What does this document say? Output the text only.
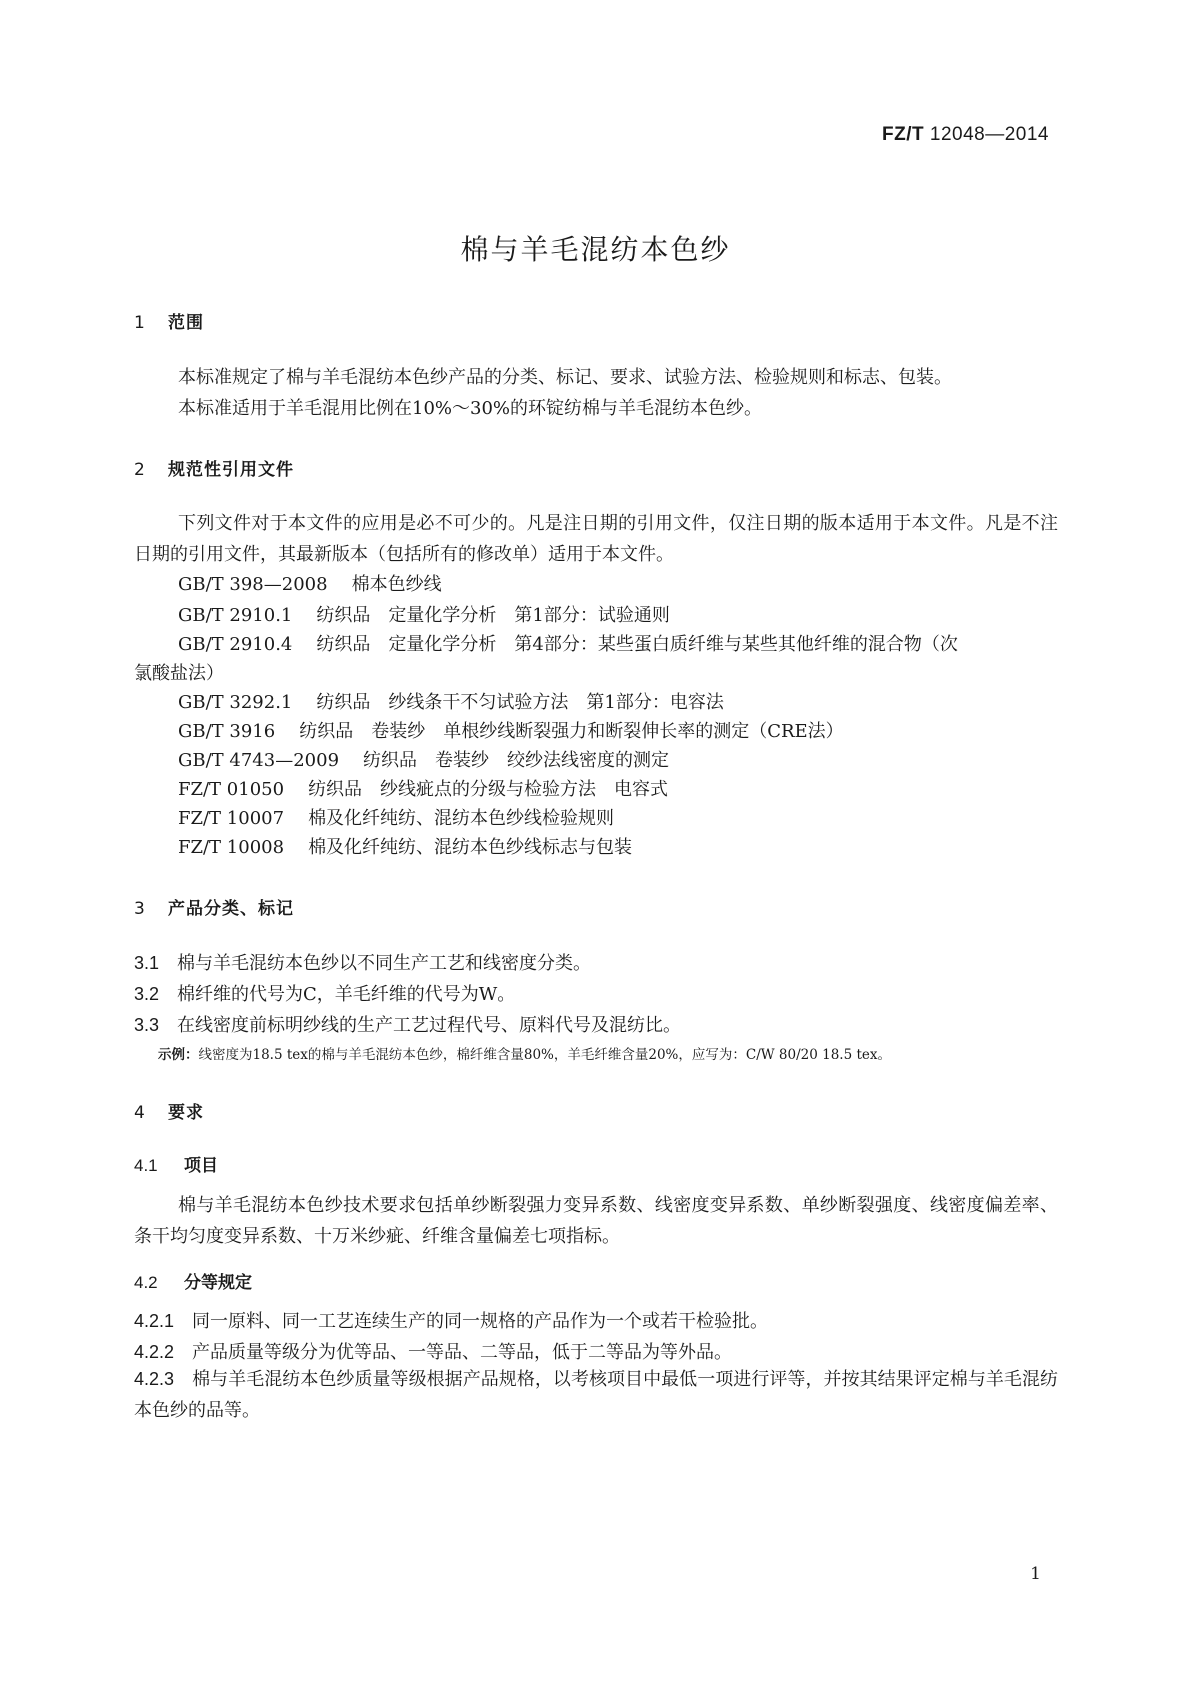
FZ/T 12048—2014
棉与羊毛混纺本色纱
1 范围
本标准规定了棉与羊毛混纺本色纱产品的分类、标记、要求、试验方法、检验规则和标志、包装。
本标准适用于羊毛混用比例在10%～30%的环锭纺棉与羊毛混纺本色纱。
2 规范性引用文件
下列文件对于本文件的应用是必不可少的。凡是注日期的引用文件，仅注日期的版本适用于本文件。凡是不注日期的引用文件，其最新版本（包括所有的修改单）适用于本文件。
GB/T 398—2008 棉本色纱线
GB/T 2910.1 纺织品　定量化学分析　第1部分：试验通则
GB/T 2910.4 纺织品　定量化学分析　第4部分：某些蛋白质纤维与某些其他纤维的混合物（次
氯酸盐法）
GB/T 3292.1 纺织品　纱线条干不匀试验方法　第1部分：电容法
GB/T 3916 纺织品　卷装纱　单根纱线断裂强力和断裂伸长率的测定（CRE法）
GB/T 4743—2009 纺织品　卷装纱　绞纱法线密度的测定
FZ/T 01050 纺织品　纱线疵点的分级与检验方法　电容式
FZ/T 10007 棉及化纤纯纺、混纺本色纱线检验规则
FZ/T 10008 棉及化纤纯纺、混纺本色纱线标志与包装
3 产品分类、标记
3.1 棉与羊毛混纺本色纱以不同生产工艺和线密度分类。
3.2 棉纤维的代号为C，羊毛纤维的代号为W。
3.3 在线密度前标明纱线的生产工艺过程代号、原料代号及混纺比。
示例：线密度为18.5 tex的棉与羊毛混纺本色纱，棉纤维含量80%，羊毛纤维含量20%，应写为：C/W 80/20 18.5 tex。
4 要求
4.1 项目
棉与羊毛混纺本色纱技术要求包括单纱断裂强力变异系数、线密度变异系数、单纱断裂强度、线密度偏差率、条干均匀度变异系数、十万米纱疵、纤维含量偏差七项指标。
4.2 分等规定
4.2.1 同一原料、同一工艺连续生产的同一规格的产品作为一个或若干检验批。
4.2.2 产品质量等级分为优等品、一等品、二等品，低于二等品为等外品。
4.2.3 棉与羊毛混纺本色纱质量等级根据产品规格，以考核项目中最低一项进行评等，并按其结果评定棉与羊毛混纺本色纱的品等。
1
